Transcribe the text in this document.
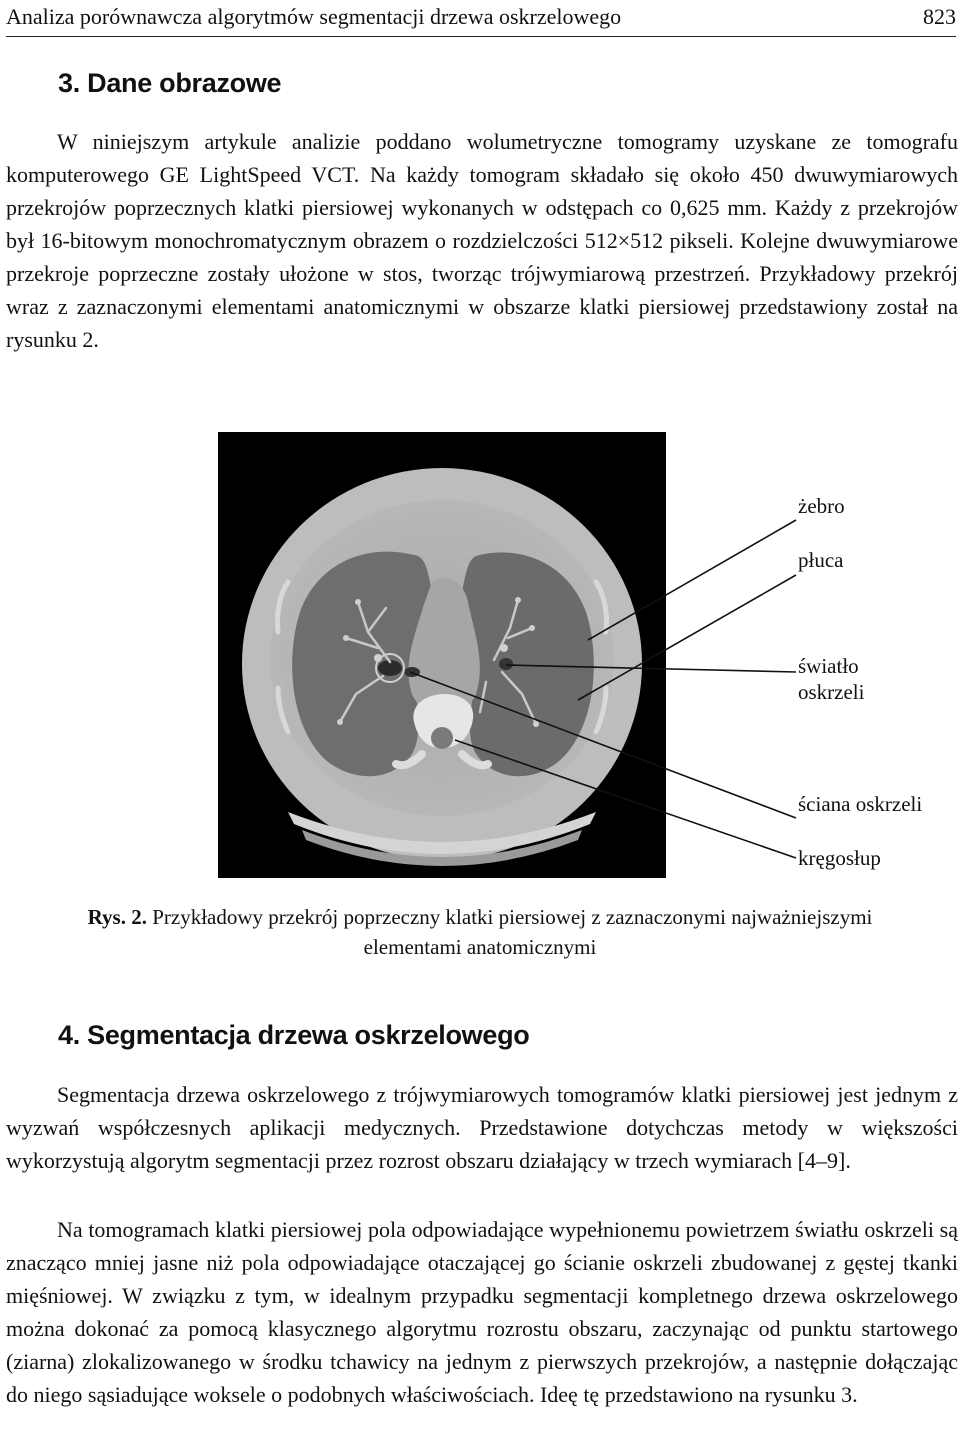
Analiza porównawcza algorytmów segmentacji drzewa oskrzelowego	823
3. Dane obrazowe

W niniejszym artykule analizie poddano wolumetryczne tomogramy uzyskane ze tomografu komputerowego GE LightSpeed VCT. Na każdy tomogram składało się około 450 dwuwymiarowych przekrojów poprzecznych klatki piersiowej wykonanych w odstępach co 0,625 mm. Każdy z przekrojów był 16-bitowym monochromatycznym obrazem o rozdzielczości 512×512 pikseli. Kolejne dwuwymiarowe przekroje poprzeczne zostały ułożone w stos, tworząc trójwymiarową przestrzeń. Przykładowy przekrój wraz z zaznaczonymi elementami anatomicznymi w obszarze klatki piersiowej przedstawiony został na rysunku 2.

żebro
płuca
światło
oskrzeli
ściana oskrzeli
kręgosłup
Rys. 2. Przykładowy przekrój poprzeczny klatki piersiowej z zaznaczonymi najważniejszymi elementami anatomicznymi
4. Segmentacja drzewa oskrzelowego

Segmentacja drzewa oskrzelowego z trójwymiarowych tomogramów klatki piersiowej jest jednym z wyzwań współczesnych aplikacji medycznych. Przedstawione dotychczas metody w większości wykorzystują algorytm segmentacji przez rozrost obszaru działający w trzech wymiarach [4–9].

Na tomogramach klatki piersiowej pola odpowiadające wypełnionemu powietrzem światłu oskrzeli są znacząco mniej jasne niż pola odpowiadające otaczającej go ścianie oskrzeli zbudowanej z gęstej tkanki mięśniowej. W związku z tym, w idealnym przypadku segmentacji kompletnego drzewa oskrzelowego można dokonać za pomocą klasycznego algorytmu rozrostu obszaru, zaczynając od punktu startowego (ziarna) zlokalizowanego w środku tchawicy na jednym z pierwszych przekrojów, a następnie dołączając do niego sąsiadujące woksele o podobnych właściwościach. Ideę tę przedstawiono na rysunku 3.
